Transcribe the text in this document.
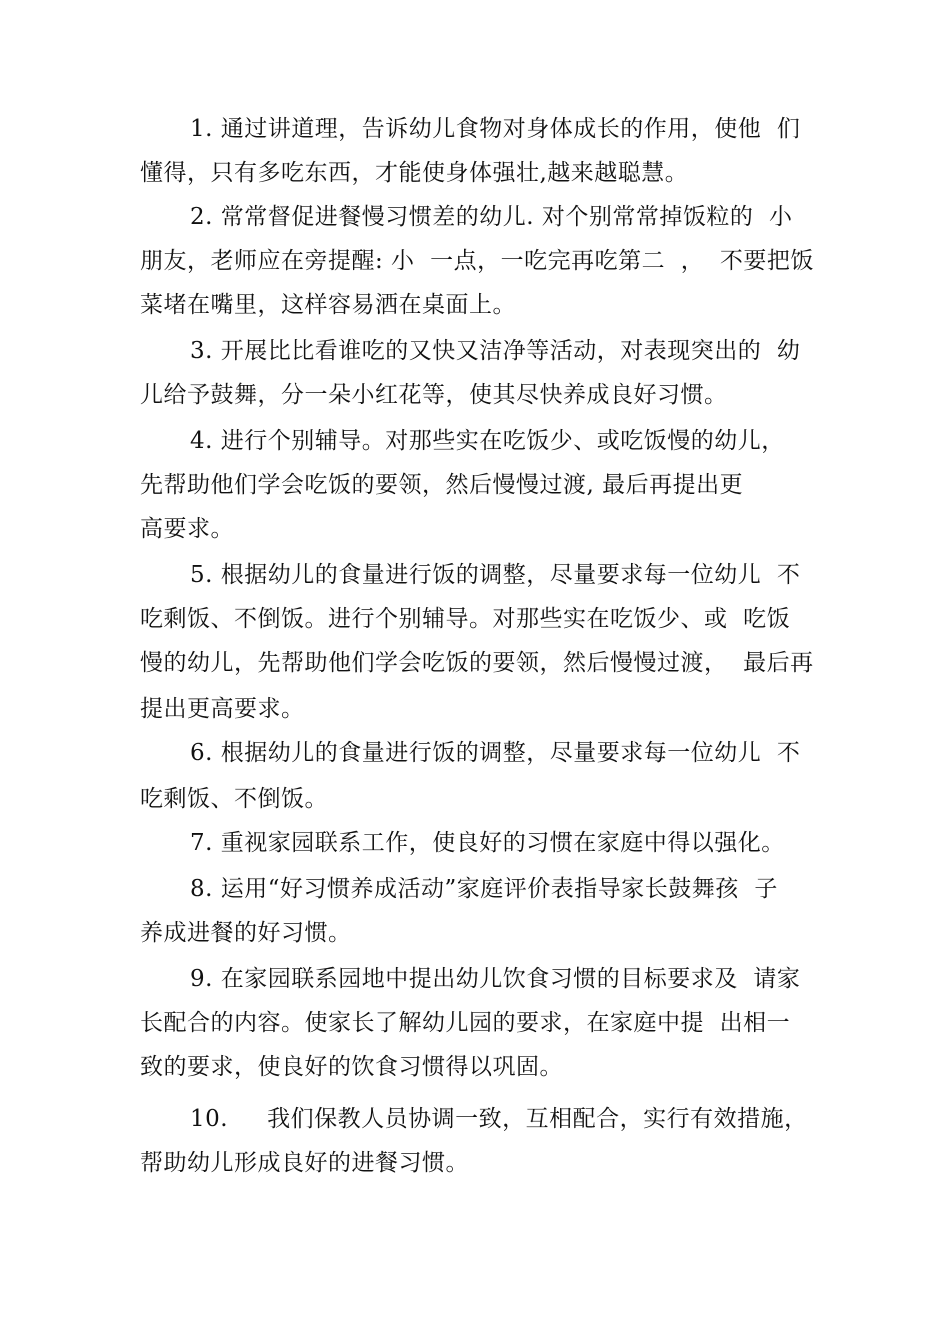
1. 通过讲道理，告诉幼儿食物对身体成长的作用，使他  们
懂得，只有多吃东西，才能使身体强壮,越来越聪慧。
2. 常常督促进餐慢习惯差的幼儿. 对个别常常掉饭粒的  小
朋友，老师应在旁提醒: 小  一点，一吃完再吃第二  ，  不要把饭
菜堵在嘴里，这样容易洒在桌面上。
3. 开展比比看谁吃的又快又洁净等活动，对表现突出的  幼
儿给予鼓舞，分一朵小红花等，使其尽快养成良好习惯。
4. 进行个别辅导。对那些实在吃饭少、或吃饭慢的幼儿，
先帮助他们学会吃饭的要领，然后慢慢过渡, 最后再提出更
高要求。
5. 根据幼儿的食量进行饭的调整，尽量要求每一位幼儿  不
吃剩饭、不倒饭。进行个别辅导。对那些实在吃饭少、或  吃饭
慢的幼儿，先帮助他们学会吃饭的要领，然后慢慢过渡，  最后再
提出更高要求。
6. 根据幼儿的食量进行饭的调整，尽量要求每一位幼儿  不
吃剩饭、不倒饭。
7. 重视家园联系工作，使良好的习惯在家庭中得以强化。
8. 运用“好习惯养成活动”家庭评价表指导家长鼓舞孩  子
养成进餐的好习惯。
9. 在家园联系园地中提出幼儿饮食习惯的目标要求及  请家
长配合的内容。使家长了解幼儿园的要求，在家庭中提  出相一
致的要求，使良好的饮食习惯得以巩固。
10.     我们保教人员协调一致，互相配合，实行有效措施，
帮助幼儿形成良好的进餐习惯。
